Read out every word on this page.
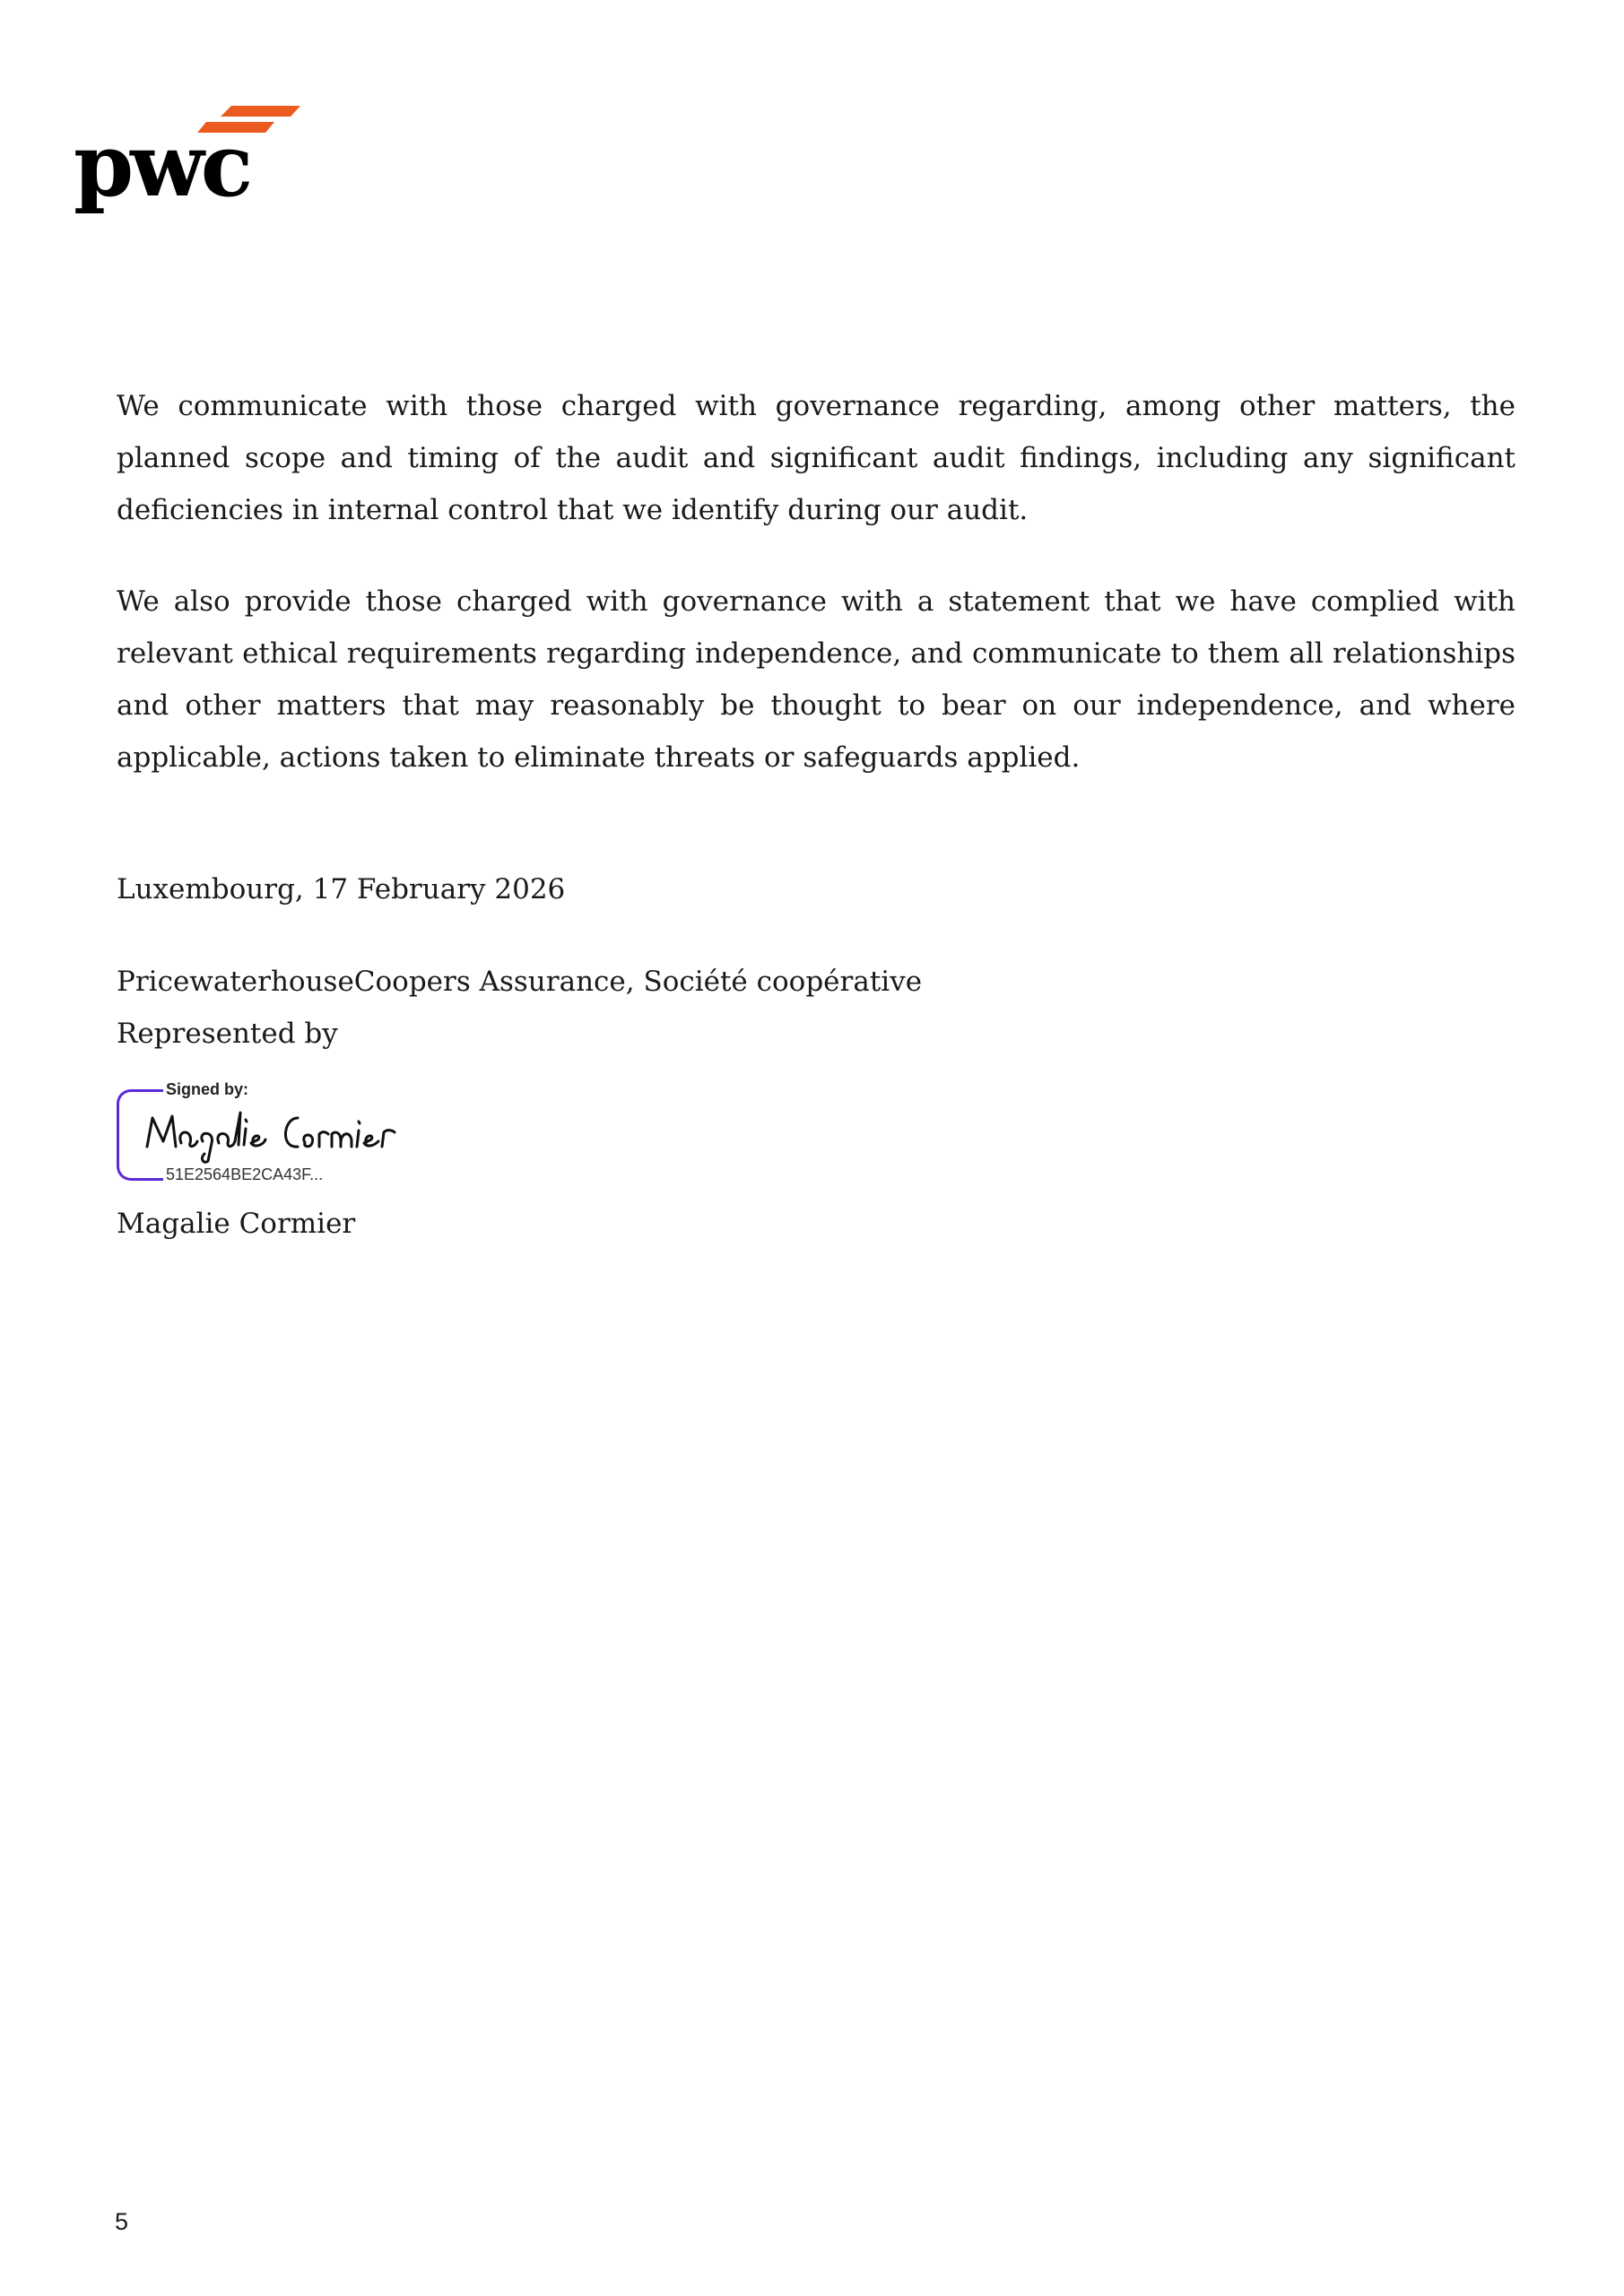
pwc

We communicate with those charged with governance regarding, among other matters, the planned scope and timing of the audit and significant audit findings, including any significant deficiencies in internal control that we identify during our audit.

We also provide those charged with governance with a statement that we have complied with relevant ethical requirements regarding independence, and communicate to them all relationships and other matters that may reasonably be thought to bear on our independence, and where applicable, actions taken to eliminate threats or safeguards applied.

Luxembourg, 17 February 2026
PricewaterhouseCoopers Assurance, Société coopérative
Represented by
Signed by:
51E2564BE2CA43F...
Magalie Cormier
5
